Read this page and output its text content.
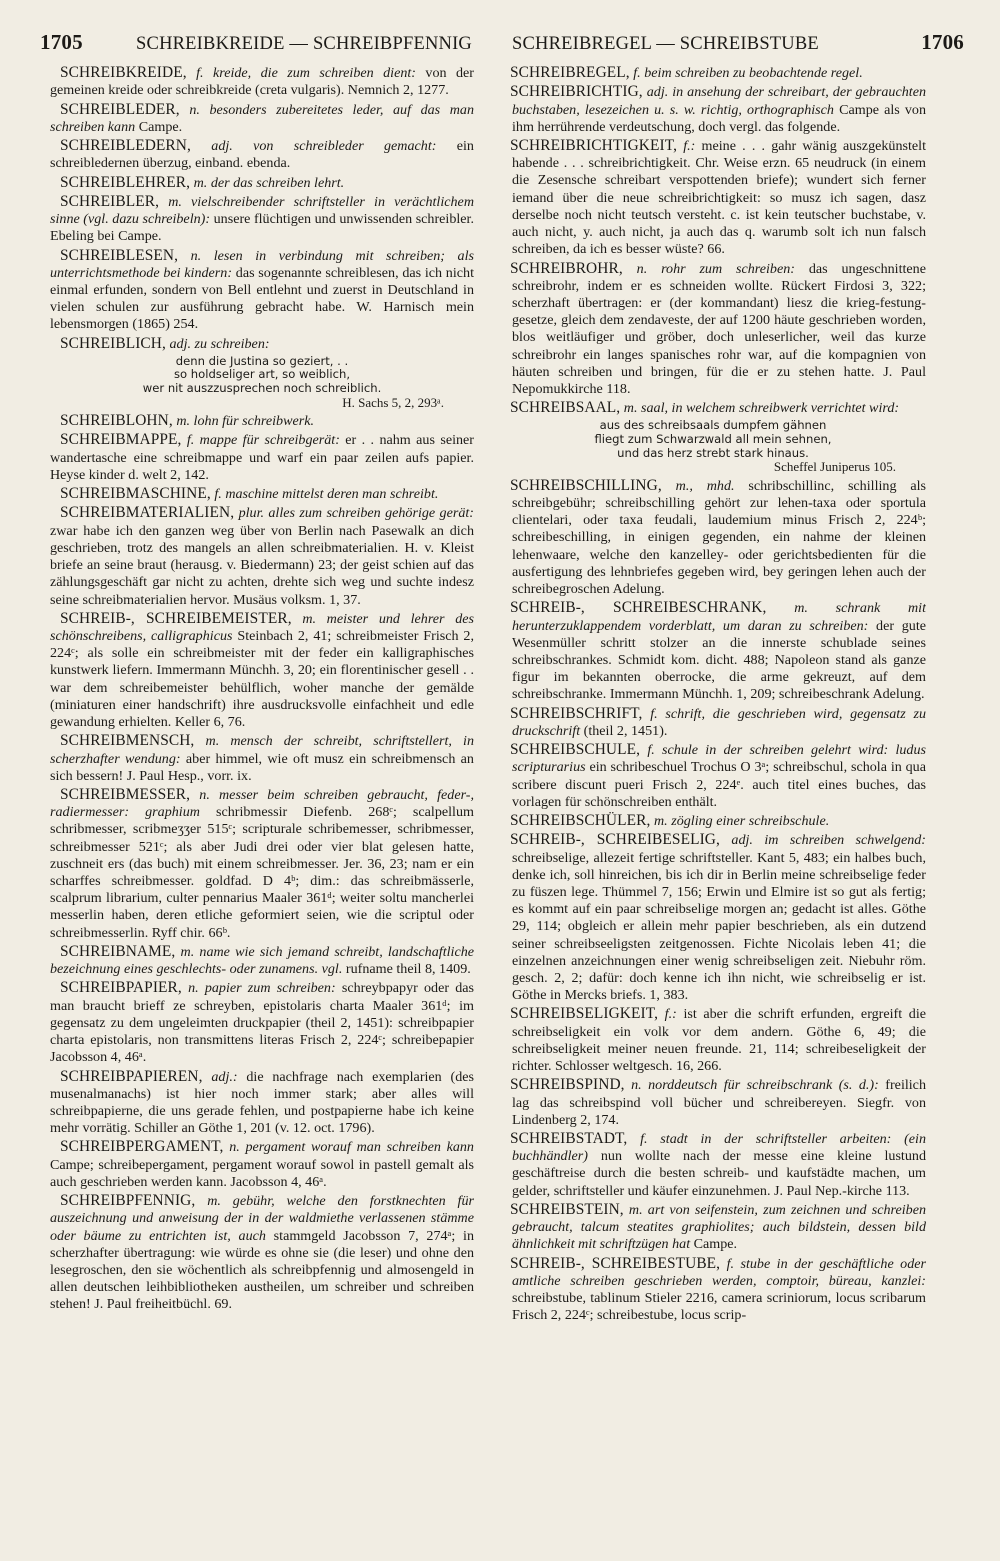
1705	SCHREIBKREIDE — SCHREIBPFENNIG SCHREIBREGEL — SCHREIBSTUBE	1706

SCHREIBKREIDE, f. kreide, die zum schreiben dient: von der gemeinen kreide oder schreibkreide (creta vulgaris). Nemnich 2, 1277.

SCHREIBLEDER, n. besonders zubereitetes leder, auf das man schreiben kann Campe.

SCHREIBLEDERN, adj. von schreibleder gemacht: ein schreibledernen überzug, einband. ebenda.

SCHREIBLEHRER, m. der das schreiben lehrt.

SCHREIBLER, m. vielschreibender schriftsteller in verächtlichem sinne (vgl. dazu schreibeln): unsere flüchtigen und unwissenden schreibler. Ebeling bei Campe.

SCHREIBLESEN, n. lesen in verbindung mit schreiben; als unterrichtsmethode bei kindern: das sogenannte schreiblesen, das ich nicht einmal erfunden, sondern von Bell entlehnt und zuerst in Deutschland in vielen schulen zur ausführung gebracht habe. W. Harnisch mein lebensmorgen (1865) 254.

SCHREIBLICH, adj. zu schreiben:

denn die Justina so geziert, . .
so holdseliger art, so weiblich,
wer nit auszzusprechen noch schreiblich.
H. Sachs 5, 2, 293ᵃ.

SCHREIBLOHN, m. lohn für schreibwerk.

SCHREIBMAPPE, f. mappe für schreibgerät: er . . nahm aus seiner wandertasche eine schreibmappe und warf ein paar zeilen aufs papier. Heyse kinder d. welt 2, 142.

SCHREIBMASCHINE, f. maschine mittelst deren man schreibt.

SCHREIBMATERIALIEN, plur. alles zum schreiben gehörige gerät: zwar habe ich den ganzen weg über von Berlin nach Pasewalk an dich geschrieben, trotz des mangels an allen schreibmaterialien. H. v. Kleist briefe an seine braut (herausg. v. Biedermann) 23; der geist schien auf das zählungsgeschäft gar nicht zu achten, drehte sich weg und suchte indesz seine schreibmaterialien hervor. Musäus volksm. 1, 37.

SCHREIB-, SCHREIBEMEISTER, m. meister und lehrer des schönschreibens, calligraphicus Steinbach 2, 41; schreibmeister Frisch 2, 224ᶜ; als solle ein schreibmeister mit der feder ein kalligraphisches kunstwerk liefern. Immermann Münchh. 3, 20; ein florentinischer gesell . . war dem schreibemeister behülflich, woher manche der gemälde (miniaturen einer handschrift) ihre ausdrucksvolle einfachheit und edle gewandung erhielten. Keller 6, 76.

SCHREIBMENSCH, m. mensch der schreibt, schriftstellert, in scherzhafter wendung: aber himmel, wie oft musz ein schreibmensch an sich bessern! J. Paul Hesp., vorr. ix.

SCHREIBMESSER, n. messer beim schreiben gebraucht, feder-, radiermesser: graphium schribmessir Diefenb. 268ᶜ; scalpellum schribmesser, scribmeʒʒer 515ᶜ; scripturale schribemesser, schribmesser, schreibmesser 521ᶜ; als aber Judi drei oder vier blat gelesen hatte, zuschneit ers (das buch) mit einem schreibmesser. Jer. 36, 23; nam er ein scharffes schreibmesser. goldfad. D 4ᵇ; dim.: das schreibmässerle, scalprum librarium, culter pennarius Maaler 361ᵈ; weiter soltu mancherlei messerlin haben, deren etliche geformiert seien, wie die scriptul oder schreibmesserlin. Ryff chir. 66ᵇ.

SCHREIBNAME, m. name wie sich jemand schreibt, landschaftliche bezeichnung eines geschlechts- oder zunamens. vgl. rufname theil 8, 1409.

SCHREIBPAPIER, n. papier zum schreiben: schreybpapyr oder das man braucht brieff ze schreyben, epistolaris charta Maaler 361ᵈ; im gegensatz zu dem ungeleimten druckpapier (theil 2, 1451): schreibpapier charta epistolaris, non transmittens literas Frisch 2, 224ᶜ; schreibepapier Jacobsson 4, 46ᵃ.

SCHREIBPAPIEREN, adj.: die nachfrage nach exemplarien (des musenalmanachs) ist hier noch immer stark; aber alles will schreibpapierne, die uns gerade fehlen, und postpapierne habe ich keine mehr vorrätig. Schiller an Göthe 1, 201 (v. 12. oct. 1796).

SCHREIBPERGAMENT, n. pergament worauf man schreiben kann Campe; schreibepergament, pergament worauf sowol in pastell gemalt als auch geschrieben werden kann. Jacobsson 4, 46ᵃ.

SCHREIBPFENNIG, m. gebühr, welche den forstknechten für auszeichnung und anweisung der in der waldmiethe verlassenen stämme oder bäume zu entrichten ist, auch stammgeld Jacobsson 7, 274ᵃ; in scherzhafter übertragung: wie würde es ohne sie (die leser) und ohne den lesegroschen, den sie wöchentlich als schreibpfennig und almosengeld in allen deutschen leihbibliotheken austheilen, um schreiber und schreiben stehen! J. Paul freiheitbüchl. 69.

SCHREIBREGEL, f. beim schreiben zu beobachtende regel.

SCHREIBRICHTIG, adj. in ansehung der schreibart, der gebrauchten buchstaben, lesezeichen u. s. w. richtig, orthographisch Campe als von ihm herrührende verdeutschung, doch vergl. das folgende.

SCHREIBRICHTIGKEIT, f.: meine . . . gahr wänig auszgekünstelt habende . . . schreibrichtigkeit. Chr. Weise erzn. 65 neudruck (in einem die Zesensche schreibart verspottenden briefe); wundert sich ferner iemand über die neue schreibrichtigkeit: so musz ich sagen, dasz derselbe noch nicht teutsch versteht. c. ist kein teutscher buchstabe, v. auch nicht, y. auch nicht, ja auch das q. warumb solt ich nun falsch schreiben, da ich es besser wüste? 66.

SCHREIBROHR, n. rohr zum schreiben: das ungeschnittene schreibrohr, indem er es schneiden wollte. Rückert Firdosi 3, 322; scherzhaft übertragen: er (der kommandant) liesz die krieg-festung-gesetze, gleich dem zendaveste, der auf 1200 häute geschrieben worden, blos weitläufiger und gröber, doch unleserlicher, weil das kurze schreibrohr ein langes spanisches rohr war, auf die kompagnien von häuten schreiben und bringen, für die er zu stehen hatte. J. Paul Nepomukkirche 118.

SCHREIBSAAL, m. saal, in welchem schreibwerk verrichtet wird:

aus des schreibsaals dumpfem gähnen
fliegt zum Schwarzwald all mein sehnen,
und das herz strebt stark hinaus.
Scheffel Juniperus 105.

SCHREIBSCHILLING, m., mhd. schribschillinc, schilling als schreibgebühr; schreibschilling gehört zur lehen-taxa oder sportula clientelari, oder taxa feudali, laudemium minus Frisch 2, 224ᵇ; schreibeschilling, in einigen gegenden, ein nahme der kleinen lehenwaare, welche den kanzelley- oder gerichtsbedienten für die ausfertigung des lehnbriefes gegeben wird, bey geringen lehen auch der schreibegroschen Adelung.

SCHREIB-, SCHREIBESCHRANK, m. schrank mit herunterzuklappendem vorderblatt, um daran zu schreiben: der gute Wesenmüller schritt stolzer an die innerste schublade seines schreibschrankes. Schmidt kom. dicht. 488; Napoleon stand als ganze figur im bekannten oberrocke, die arme gekreuzt, auf dem schreibschranke. Immermann Münchh. 1, 209; schreibeschrank Adelung.

SCHREIBSCHRIFT, f. schrift, die geschrieben wird, gegensatz zu druckschrift (theil 2, 1451).

SCHREIBSCHULE, f. schule in der schreiben gelehrt wird: ludus scripturarius ein schribeschuel Trochus O 3ᵃ; schreibschul, schola in qua scribere discunt pueri Frisch 2, 224ᵉ. auch titel eines buches, das vorlagen für schönschreiben enthält.

SCHREIBSCHÜLER, m. zögling einer schreibschule.

SCHREIB-, SCHREIBESELIG, adj. im schreiben schwelgend: schreibselige, allezeit fertige schriftsteller. Kant 5, 483; ein halbes buch, denke ich, soll hinreichen, bis ich dir in Berlin meine schreibselige feder zu füszen lege. Thümmel 7, 156; Erwin und Elmire ist so gut als fertig; es kommt auf ein paar schreibselige morgen an; gedacht ist alles. Göthe 29, 114; obgleich er allein mehr papier beschrieben, als ein dutzend seiner schreibseeligsten zeitgenossen. Fichte Nicolais leben 41; die einzelnen anzeichnungen einer wenig schreibseligen zeit. Niebuhr röm. gesch. 2, 2; dafür: doch kenne ich ihn nicht, wie schreibselig er ist. Göthe in Mercks briefs. 1, 383.

SCHREIBSELIGKEIT, f.: ist aber die schrift erfunden, ergreift die schreibseligkeit ein volk vor dem andern. Göthe 6, 49; die schreibseligkeit meiner neuen freunde. 21, 114; schreibeseligkeit der richter. Schlosser weltgesch. 16, 266.

SCHREIBSPIND, n. norddeutsch für schreibschrank (s. d.): freilich lag das schreibspind voll bücher und schreibereyen. Siegfr. von Lindenberg 2, 174.

SCHREIBSTADT, f. stadt in der schriftsteller arbeiten: (ein buchhändler) nun wollte nach der messe eine kleine lustund geschäftreise durch die besten schreib- und kaufstädte machen, um gelder, schriftsteller und käufer einzunehmen. J. Paul Nep.-kirche 113.

SCHREIBSTEIN, m. art von seifenstein, zum zeichnen und schreiben gebraucht, talcum steatites graphiolites; auch bildstein, dessen bild ähnlichkeit mit schriftzügen hat Campe.

SCHREIB-, SCHREIBESTUBE, f. stube in der geschäftliche oder amtliche schreiben geschrieben werden, comptoir, büreau, kanzlei: schreibstube, tablinum Stieler 2216, camera scriniorum, locus scribarum Frisch 2, 224ᶜ; schreibestube, locus scrip-
